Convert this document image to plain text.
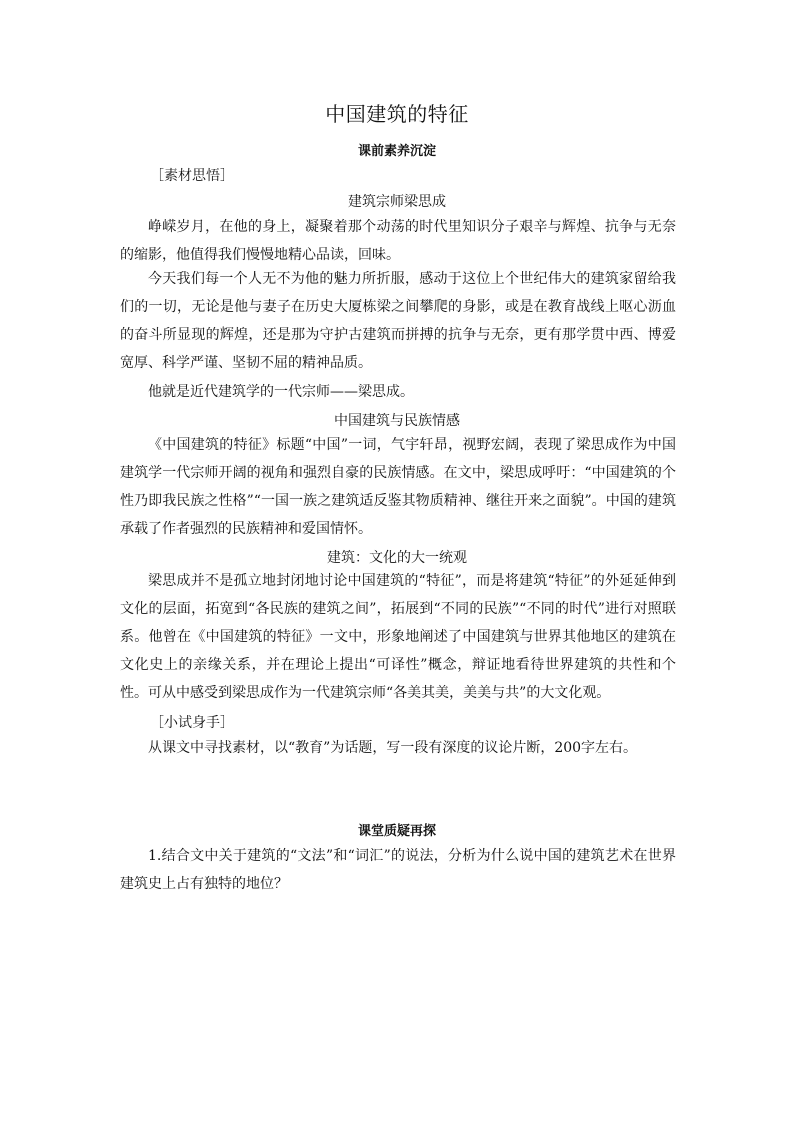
中国建筑的特征
课前素养沉淀
［素材思悟］
建筑宗师梁思成

峥嵘岁月，在他的身上，凝聚着那个动荡的时代里知识分子艰辛与辉煌、抗争与无奈的缩影，他值得我们慢慢地精心品读，回味。

今天我们每一个人无不为他的魅力所折服，感动于这位上个世纪伟大的建筑家留给我们的一切，无论是他与妻子在历史大厦栋梁之间攀爬的身影，或是在教育战线上呕心沥血的奋斗所显现的辉煌，还是那为守护古建筑而拼搏的抗争与无奈，更有那学贯中西、博爱宽厚、科学严谨、坚韧不屈的精神品质。

他就是近代建筑学的一代宗师——梁思成。

中国建筑与民族情感

《中国建筑的特征》标题“中国”一词，气宇轩昂，视野宏阔，表现了梁思成作为中国建筑学一代宗师开阔的视角和强烈自豪的民族情感。在文中，梁思成呼吁：“中国建筑的个性乃即我民族之性格”“一国一族之建筑适反鉴其物质精神、继往开来之面貌”。中国的建筑承载了作者强烈的民族精神和爱国情怀。

建筑：文化的大一统观

梁思成并不是孤立地封闭地讨论中国建筑的“特征”，而是将建筑“特征”的外延延伸到文化的层面，拓宽到“各民族的建筑之间”，拓展到“不同的民族”“不同的时代”进行对照联系。他曾在《中国建筑的特征》一文中，形象地阐述了中国建筑与世界其他地区的建筑在文化史上的亲缘关系，并在理论上提出“可译性”概念，辩证地看待世界建筑的共性和个性。可从中感受到梁思成作为一代建筑宗师“各美其美，美美与共”的大文化观。

［小试身手］

从课文中寻找素材，以“教育”为话题，写一段有深度的议论片断，200字左右。

课堂质疑再探

1.结合文中关于建筑的“文法”和“词汇”的说法，分析为什么说中国的建筑艺术在世界建筑史上占有独特的地位？
